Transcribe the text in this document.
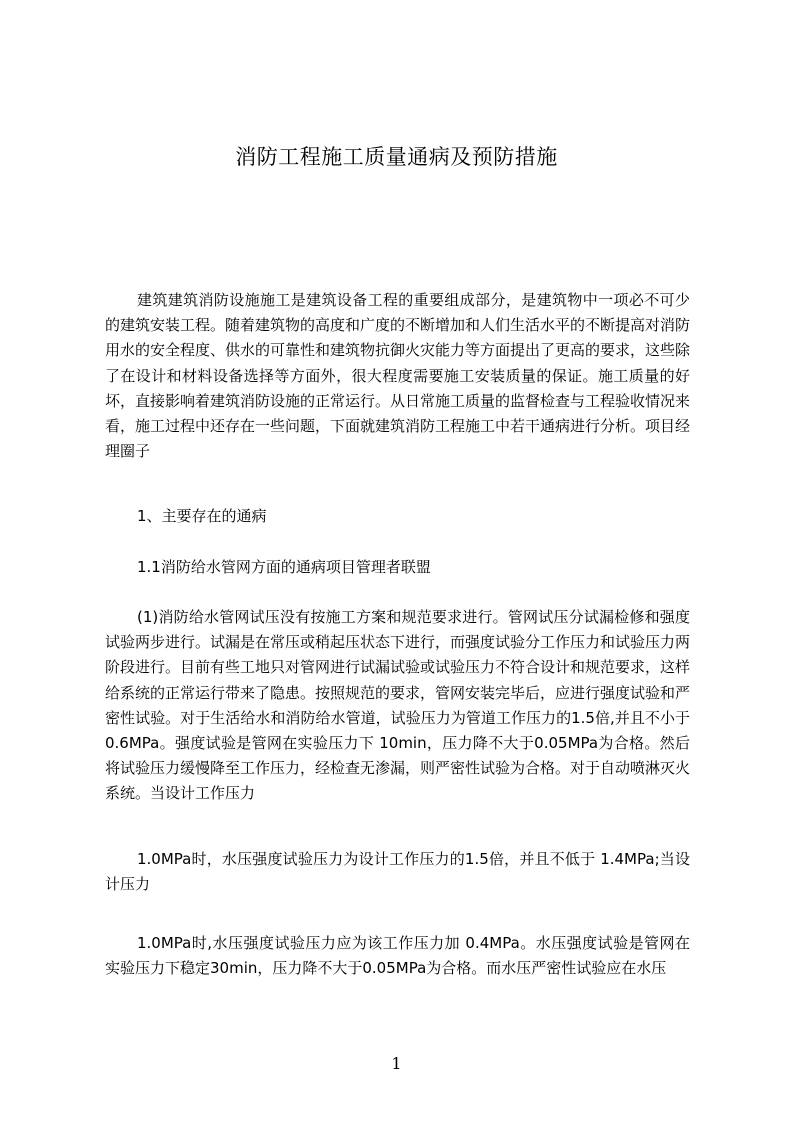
消防工程施工质量通病及预防措施

建筑建筑消防设施施工是建筑设备工程的重要组成部分，是建筑物中一项必不可少的建筑安装工程。随着建筑物的高度和广度的不断增加和人们生活水平的不断提高对消防用水的安全程度、供水的可靠性和建筑物抗御火灾能力等方面提出了更高的要求，这些除了在设计和材料设备选择等方面外，很大程度需要施工安装质量的保证。施工质量的好坏，直接影响着建筑消防设施的正常运行。从日常施工质量的监督检查与工程验收情况来看，施工过程中还存在一些问题，下面就建筑消防工程施工中若干通病进行分析。项目经理圈子

1、主要存在的通病

1.1消防给水管网方面的通病项目管理者联盟

(1)消防给水管网试压没有按施工方案和规范要求进行。管网试压分试漏检修和强度试验两步进行。试漏是在常压或稍起压状态下进行，而强度试验分工作压力和试验压力两阶段进行。目前有些工地只对管网进行试漏试验或试验压力不符合设计和规范要求，这样给系统的正常运行带来了隐患。按照规范的要求，管网安装完毕后，应进行强度试验和严密性试验。对于生活给水和消防给水管道，试验压力为管道工作压力的1.5倍,并且不小于 0.6MPa。强度试验是管网在实验压力下 10min，压力降不大于0.05MPa为合格。然后将试验压力缓慢降至工作压力，经检查无渗漏，则严密性试验为合格。对于自动喷淋灭火系统。当设计工作压力

1.0MPa时，水压强度试验压力为设计工作压力的1.5倍，并且不低于 1.4MPa;当设计压力

1.0MPa时,水压强度试验压力应为该工作压力加 0.4MPa。水压强度试验是管网在实验压力下稳定30min，压力降不大于0.05MPa为合格。而水压严密性试验应在水压

1
